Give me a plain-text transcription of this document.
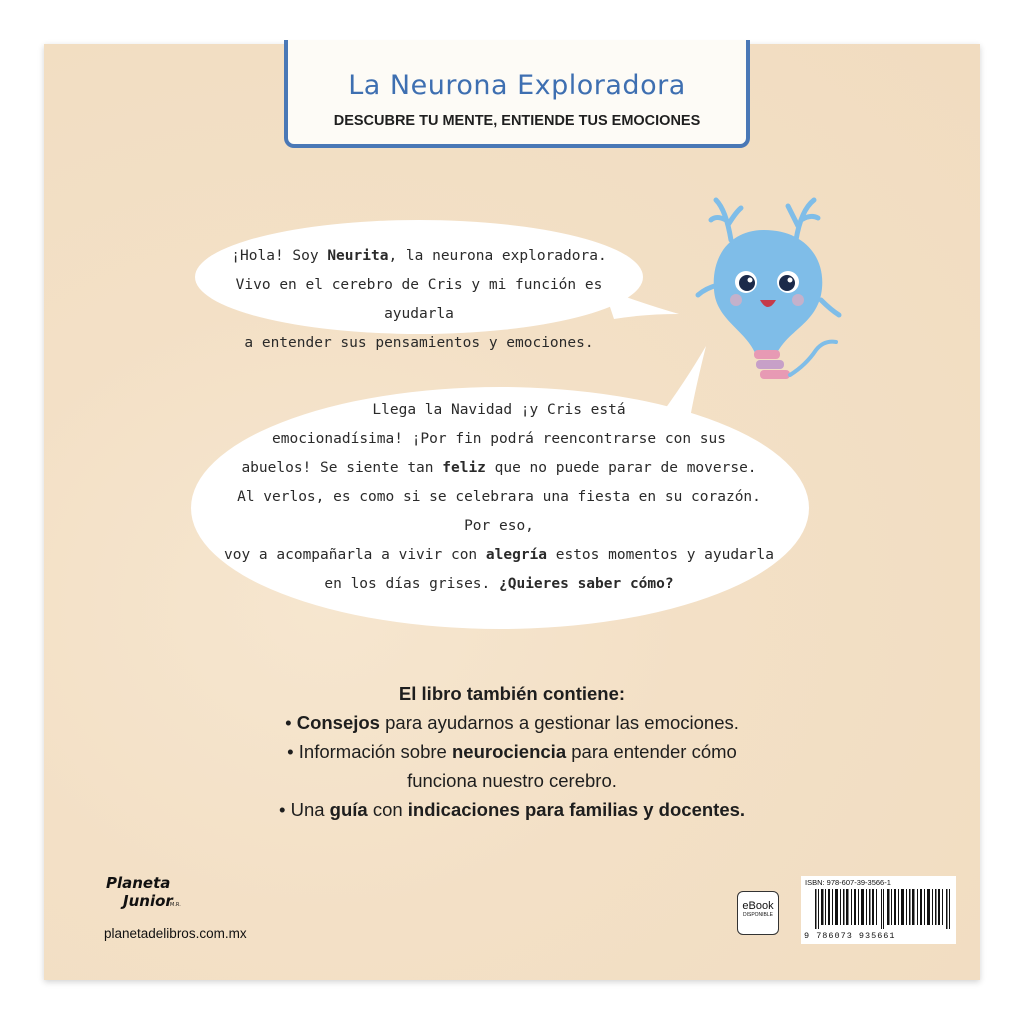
La Neurona Exploradora
DESCUBRE TU MENTE, ENTIENDE TUS EMOCIONES
¡Hola! Soy Neurita, la neurona exploradora.
Vivo en el cerebro de Cris y mi función es ayudarla
a entender sus pensamientos y emociones.
Llega la Navidad ¡y Cris está
emocionadísima! ¡Por fin podrá reencontrarse con sus
abuelos! Se siente tan feliz que no puede parar de moverse.
Al verlos, es como si se celebrara una fiesta en su corazón. Por eso,
voy a acompañarla a vivir con alegría estos momentos y ayudarla
en los días grises. ¿Quieres saber cómo?
El libro también contiene:
• Consejos para ayudarnos a gestionar las emociones.
• Información sobre neurociencia para entender cómo
funciona nuestro cerebro.
• Una guía con indicaciones para familias y docentes.
Planeta
Junior
M.R.
planetadelibros.com.mx
eBook
DISPONIBLE
ISBN: 978-607-39-3566-1
9 786073 935661
